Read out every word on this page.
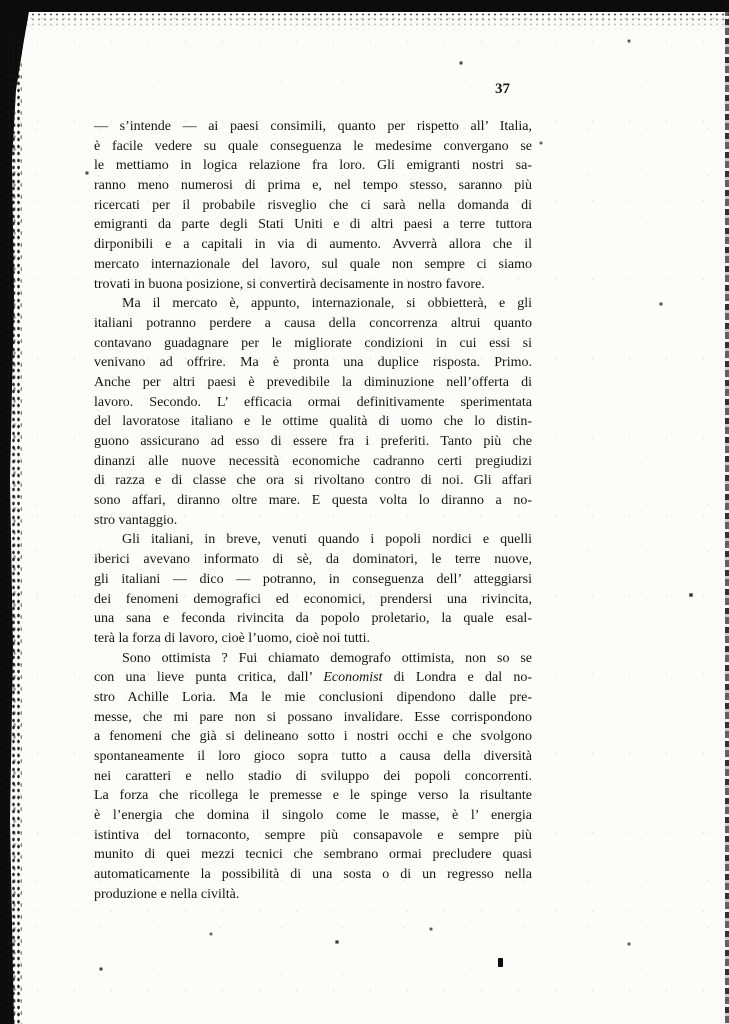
37

— s’intende — ai paesi consimili, quanto per rispetto all’ Italia,
è facile vedere su quale conseguenza le medesime convergano se
le mettiamo in logica relazione fra loro. Gli emigranti nostri sa-
ranno meno numerosi di prima e, nel tempo stesso, saranno più
ricercati per il probabile risveglio che ci sarà nella domanda di
emigranti da parte degli Stati Uniti e di altri paesi a terre tuttora
dirponibili e a capitali in via di aumento. Avverrà allora che il
mercato internazionale del lavoro, sul quale non sempre ci siamo
trovati in buona posizione, si convertirà decisamente in nostro favore.

Ma il mercato è, appunto, internazionale, si obbietterà, e gli
italiani potranno perdere a causa della concorrenza altrui quanto
contavano guadagnare per le migliorate condizioni in cui essi si
venivano ad offrire. Ma è pronta una duplice risposta. Primo.
Anche per altri paesi è prevedibile la diminuzione nell’offerta di
lavoro. Secondo. L’ efficacia ormai definitivamente sperimentata
del lavoratose italiano e le ottime qualità di uomo che lo distin-
guono assicurano ad esso di essere fra i preferiti. Tanto più che
dinanzi alle nuove necessità economiche cadranno certi pregiudizi
di razza e di classe che ora si rivoltano contro di noi. Gli affari
sono affari, diranno oltre mare. E questa volta lo diranno a no-
stro vantaggio.

Gli italiani, in breve, venuti quando i popoli nordici e quelli
iberici avevano informato di sè, da dominatori, le terre nuove,
gli italiani — dico — potranno, in conseguenza dell’ atteggiarsi
dei fenomeni demografici ed economici, prendersi una rivincita,
una sana e feconda rivincita da popolo proletario, la quale esal-
terà la forza di lavoro, cioè l’uomo, cioè noi tutti.

Sono ottimista ? Fui chiamato demografo ottimista, non so se
con una lieve punta critica, dall’ Economist di Londra e dal no-
stro Achille Loria. Ma le mie conclusioni dipendono dalle pre-
messe, che mi pare non si possano invalidare. Esse corrispondono
a fenomeni che già si delineano sotto i nostri occhi e che svolgono
spontaneamente il loro gioco sopra tutto a causa della diversità
nei caratteri e nello stadio di sviluppo dei popoli concorrenti.
La forza che ricollega le premesse e le spinge verso la risultante
è l’energia che domina il singolo come le masse, è l’ energia
istintiva del tornaconto, sempre più consapavole e sempre più
munito di quei mezzi tecnici che sembrano ormai precludere quasi
automaticamente la possibilità di una sosta o di un regresso nella
produzione e nella civiltà.
